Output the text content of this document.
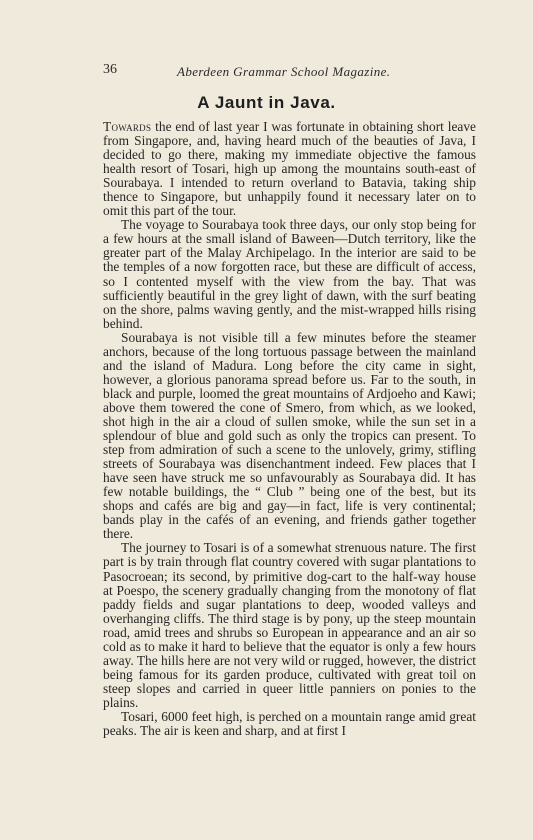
36	Aberdeen Grammar School Magazine.
A Jaunt in Java.

Towards the end of last year I was fortunate in obtaining short leave from Singapore, and, having heard much of the beauties of Java, I decided to go there, making my immediate objective the famous health resort of Tosari, high up among the mountains south-east of Sourabaya. I intended to return overland to Batavia, taking ship thence to Singapore, but unhappily found it necessary later on to omit this part of the tour.

The voyage to Sourabaya took three days, our only stop being for a few hours at the small island of Baween—Dutch territory, like the greater part of the Malay Archipelago. In the interior are said to be the temples of a now forgotten race, but these are difficult of access, so I contented myself with the view from the bay. That was sufficiently beautiful in the grey light of dawn, with the surf beating on the shore, palms waving gently, and the mist-wrapped hills rising behind.

Sourabaya is not visible till a few minutes before the steamer anchors, because of the long tortuous passage between the mainland and the island of Madura. Long before the city came in sight, however, a glorious panorama spread before us. Far to the south, in black and purple, loomed the great mountains of Ardjoeho and Kawi; above them towered the cone of Smero, from which, as we looked, shot high in the air a cloud of sullen smoke, while the sun set in a splendour of blue and gold such as only the tropics can present. To step from admiration of such a scene to the unlovely, grimy, stifling streets of Sourabaya was disenchantment indeed. Few places that I have seen have struck me so unfavourably as Sourabaya did. It has few notable buildings, the “ Club ” being one of the best, but its shops and cafés are big and gay—in fact, life is very continental; bands play in the cafés of an evening, and friends gather together there.

The journey to Tosari is of a somewhat strenuous nature. The first part is by train through flat country covered with sugar plantations to Pasocroean; its second, by primitive dog-cart to the half-way house at Poespo, the scenery gradually changing from the monotony of flat paddy fields and sugar plantations to deep, wooded valleys and overhanging cliffs. The third stage is by pony, up the steep mountain road, amid trees and shrubs so European in appearance and an air so cold as to make it hard to believe that the equator is only a few hours away. The hills here are not very wild or rugged, however, the district being famous for its garden produce, cultivated with great toil on steep slopes and carried in queer little panniers on ponies to the plains.

Tosari, 6000 feet high, is perched on a mountain range amid great peaks. The air is keen and sharp, and at first I
